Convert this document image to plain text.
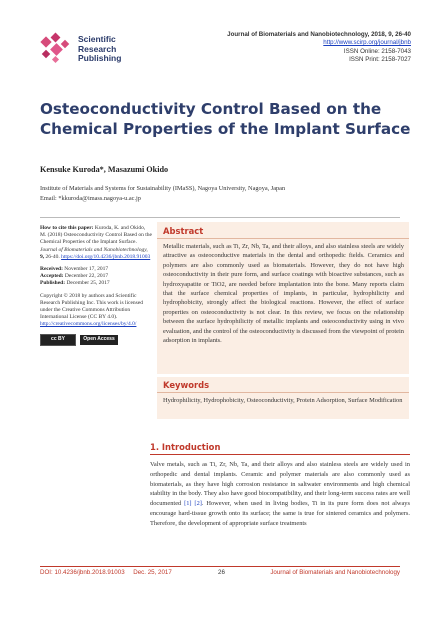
Scientific
Research
Publishing
Journal of Biomaterials and Nanobiotechnology, 2018, 9, 26-40
http://www.scirp.org/journal/jbnb
ISSN Online: 2158-7043
ISSN Print: 2158-7027
Osteoconductivity Control Based on the Chemical Properties of the Implant Surface
Kensuke Kuroda*, Masazumi Okido
Institute of Materials and Systems for Sustainability (IMaSS), Nagoya University, Nagoya, Japan
Email: *kkuroda@imass.nagoya-u.ac.jp

How to cite this paper: Kuroda, K. and Okido, M. (2018) Osteoconductivity Control Based on the Chemical Properties of the Implant Surface. Journal of Biomaterials and Nanobiotechnology, 9, 26-40. https://doi.org/10.4236/jbnb.2018.91003

Received: November 17, 2017
Accepted: December 22, 2017
Published: December 25, 2017

Copyright © 2018 by authors and Scientific Research Publishing Inc. This work is licensed under the Creative Commons Attribution International License (CC BY 4.0).
http://creativecommons.org/licenses/by/4.0/

cc BY	Open Access
Abstract
Metallic materials, such as Ti, Zr, Nb, Ta, and their alloys, and also stainless steels are widely attractive as osteoconductive materials in the dental and orthopedic fields. Ceramics and polymers are also commonly used as biomaterials. However, they do not have high osteoconductivity in their pure form, and surface coatings with bioactive substances, such as hydroxyapatite or TiO2, are needed before implantation into the bone. Many reports claim that the surface chemical properties of implants, in particular, hydrophilicity and hydrophobicity, strongly affect the biological reactions. However, the effect of surface properties on osteoconductivity is not clear. In this review, we focus on the relationship between the surface hydrophilicity of metallic implants and osteoconductivity using in vivo evaluation, and the control of the osteoconductivity is discussed from the viewpoint of protein adsorption in implants.
Keywords
Hydrophilicity, Hydrophobicity, Osteoconductivity, Protein Adsorption, Surface Modification
1. Introduction
Valve metals, such as Ti, Zr, Nb, Ta, and their alloys and also stainless steels are widely used in orthopedic and dental implants. Ceramic and polymer materials are also commonly used as biomaterials, as they have high corrosion resistance in saltwater environments and high chemical stability in the body. They also have good biocompatibility, and their long-term success rates are well documented [1] [2]. However, when used in living bodies, Ti in its pure form does not always encourage hard-tissue growth onto its surface; the same is true for sintered ceramics and polymers. Therefore, the development of appropriate surface treatments
DOI: 10.4236/jbnb.2018.91003 Dec. 25, 2017	26	Journal of Biomaterials and Nanobiotechnology
